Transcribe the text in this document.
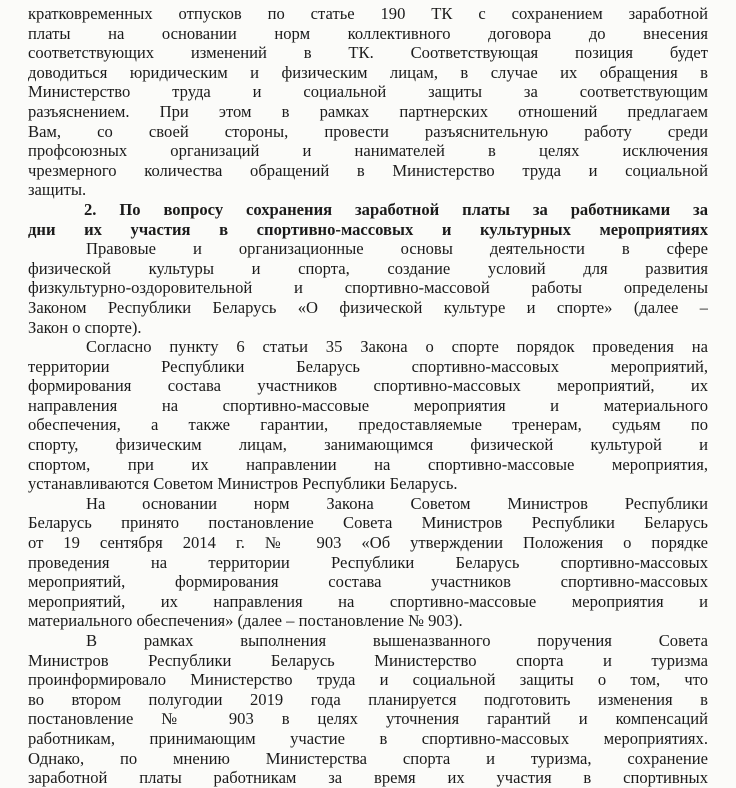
кратковременных отпусков по статье 190 ТК с сохранением заработной
платы на основании норм коллективного договора до внесения
соответствующих изменений в ТК. Соответствующая позиция будет
доводиться юридическим и физическим лицам, в случае их обращения в
Министерство труда и социальной защиты за соответствующим
разъяснением. При этом в рамках партнерских отношений предлагаем
Вам, со своей стороны, провести разъяснительную работу среди
профсоюзных организаций и нанимателей в целях исключения
чрезмерного количества обращений в Министерство труда и социальной
защиты.
2. По вопросу сохранения заработной платы за работниками за
дни их участия в спортивно-массовых и культурных мероприятиях
Правовые и организационные основы деятельности в сфере
физической культуры и спорта, создание условий для развития
физкультурно-оздоровительной и спортивно-массовой работы определены
Законом Республики Беларусь «О физической культуре и спорте» (далее –
Закон о спорте).
Согласно пункту 6 статьи 35 Закона о спорте порядок проведения на
территории Республики Беларусь спортивно-массовых мероприятий,
формирования состава участников спортивно-массовых мероприятий, их
направления на спортивно-массовые мероприятия и материального
обеспечения, а также гарантии, предоставляемые тренерам, судьям по
спорту, физическим лицам, занимающимся физической культурой и
спортом, при их направлении на спортивно-массовые мероприятия,
устанавливаются Советом Министров Республики Беларусь.
На основании норм Закона Советом Министров Республики
Беларусь принято постановление Совета Министров Республики Беларусь
от 19 сентября 2014 г. № 903 «Об утверждении Положения о порядке
проведения на территории Республики Беларусь спортивно-массовых
мероприятий, формирования состава участников спортивно-массовых
мероприятий, их направления на спортивно-массовые мероприятия и
материального обеспечения» (далее – постановление № 903).
В рамках выполнения вышеназванного поручения Совета
Министров Республики Беларусь Министерство спорта и туризма
проинформировало Министерство труда и социальной защиты о том, что
во втором полугодии 2019 года планируется подготовить изменения в
постановление № 903 в целях уточнения гарантий и компенсаций
работникам, принимающим участие в спортивно-массовых мероприятиях.
Однако, по мнению Министерства спорта и туризма, сохранение
заработной платы работникам за время их участия в спортивных
